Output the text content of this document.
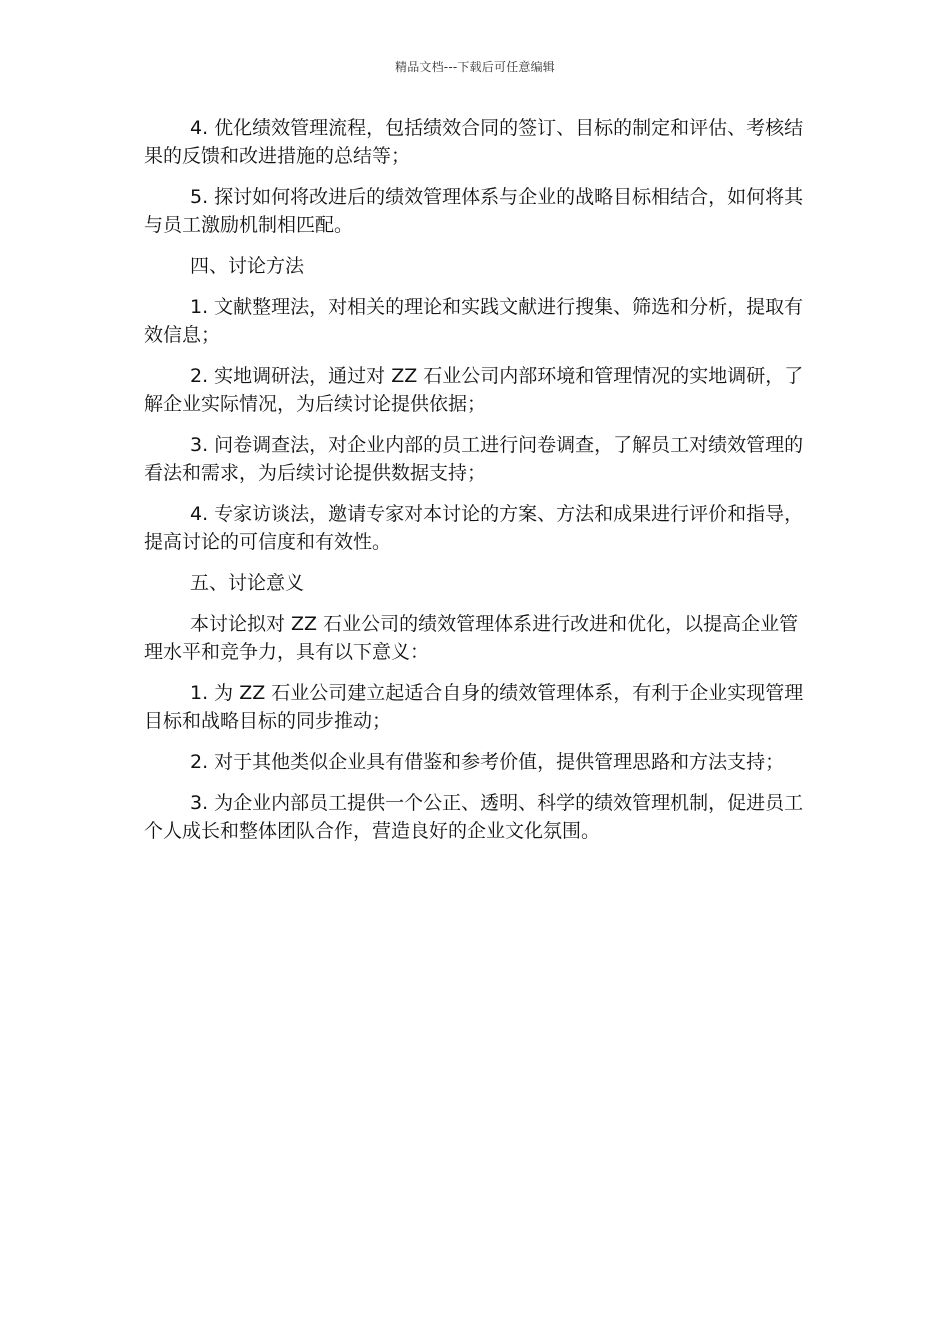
精品文档---下载后可任意编辑

4. 优化绩效管理流程，包括绩效合同的签订、目标的制定和评估、考核结果的反馈和改进措施的总结等；

5. 探讨如何将改进后的绩效管理体系与企业的战略目标相结合，如何将其与员工激励机制相匹配。

四、讨论方法

1. 文献整理法，对相关的理论和实践文献进行搜集、筛选和分析，提取有效信息；

2. 实地调研法，通过对 ZZ 石业公司内部环境和管理情况的实地调研，了解企业实际情况，为后续讨论提供依据；

3. 问卷调查法，对企业内部的员工进行问卷调查，了解员工对绩效管理的看法和需求，为后续讨论提供数据支持；

4. 专家访谈法，邀请专家对本讨论的方案、方法和成果进行评价和指导，提高讨论的可信度和有效性。

五、讨论意义

本讨论拟对 ZZ 石业公司的绩效管理体系进行改进和优化，以提高企业管理水平和竞争力，具有以下意义：

1. 为 ZZ 石业公司建立起适合自身的绩效管理体系，有利于企业实现管理目标和战略目标的同步推动；

2. 对于其他类似企业具有借鉴和参考价值，提供管理思路和方法支持；

3. 为企业内部员工提供一个公正、透明、科学的绩效管理机制，促进员工个人成长和整体团队合作，营造良好的企业文化氛围。
